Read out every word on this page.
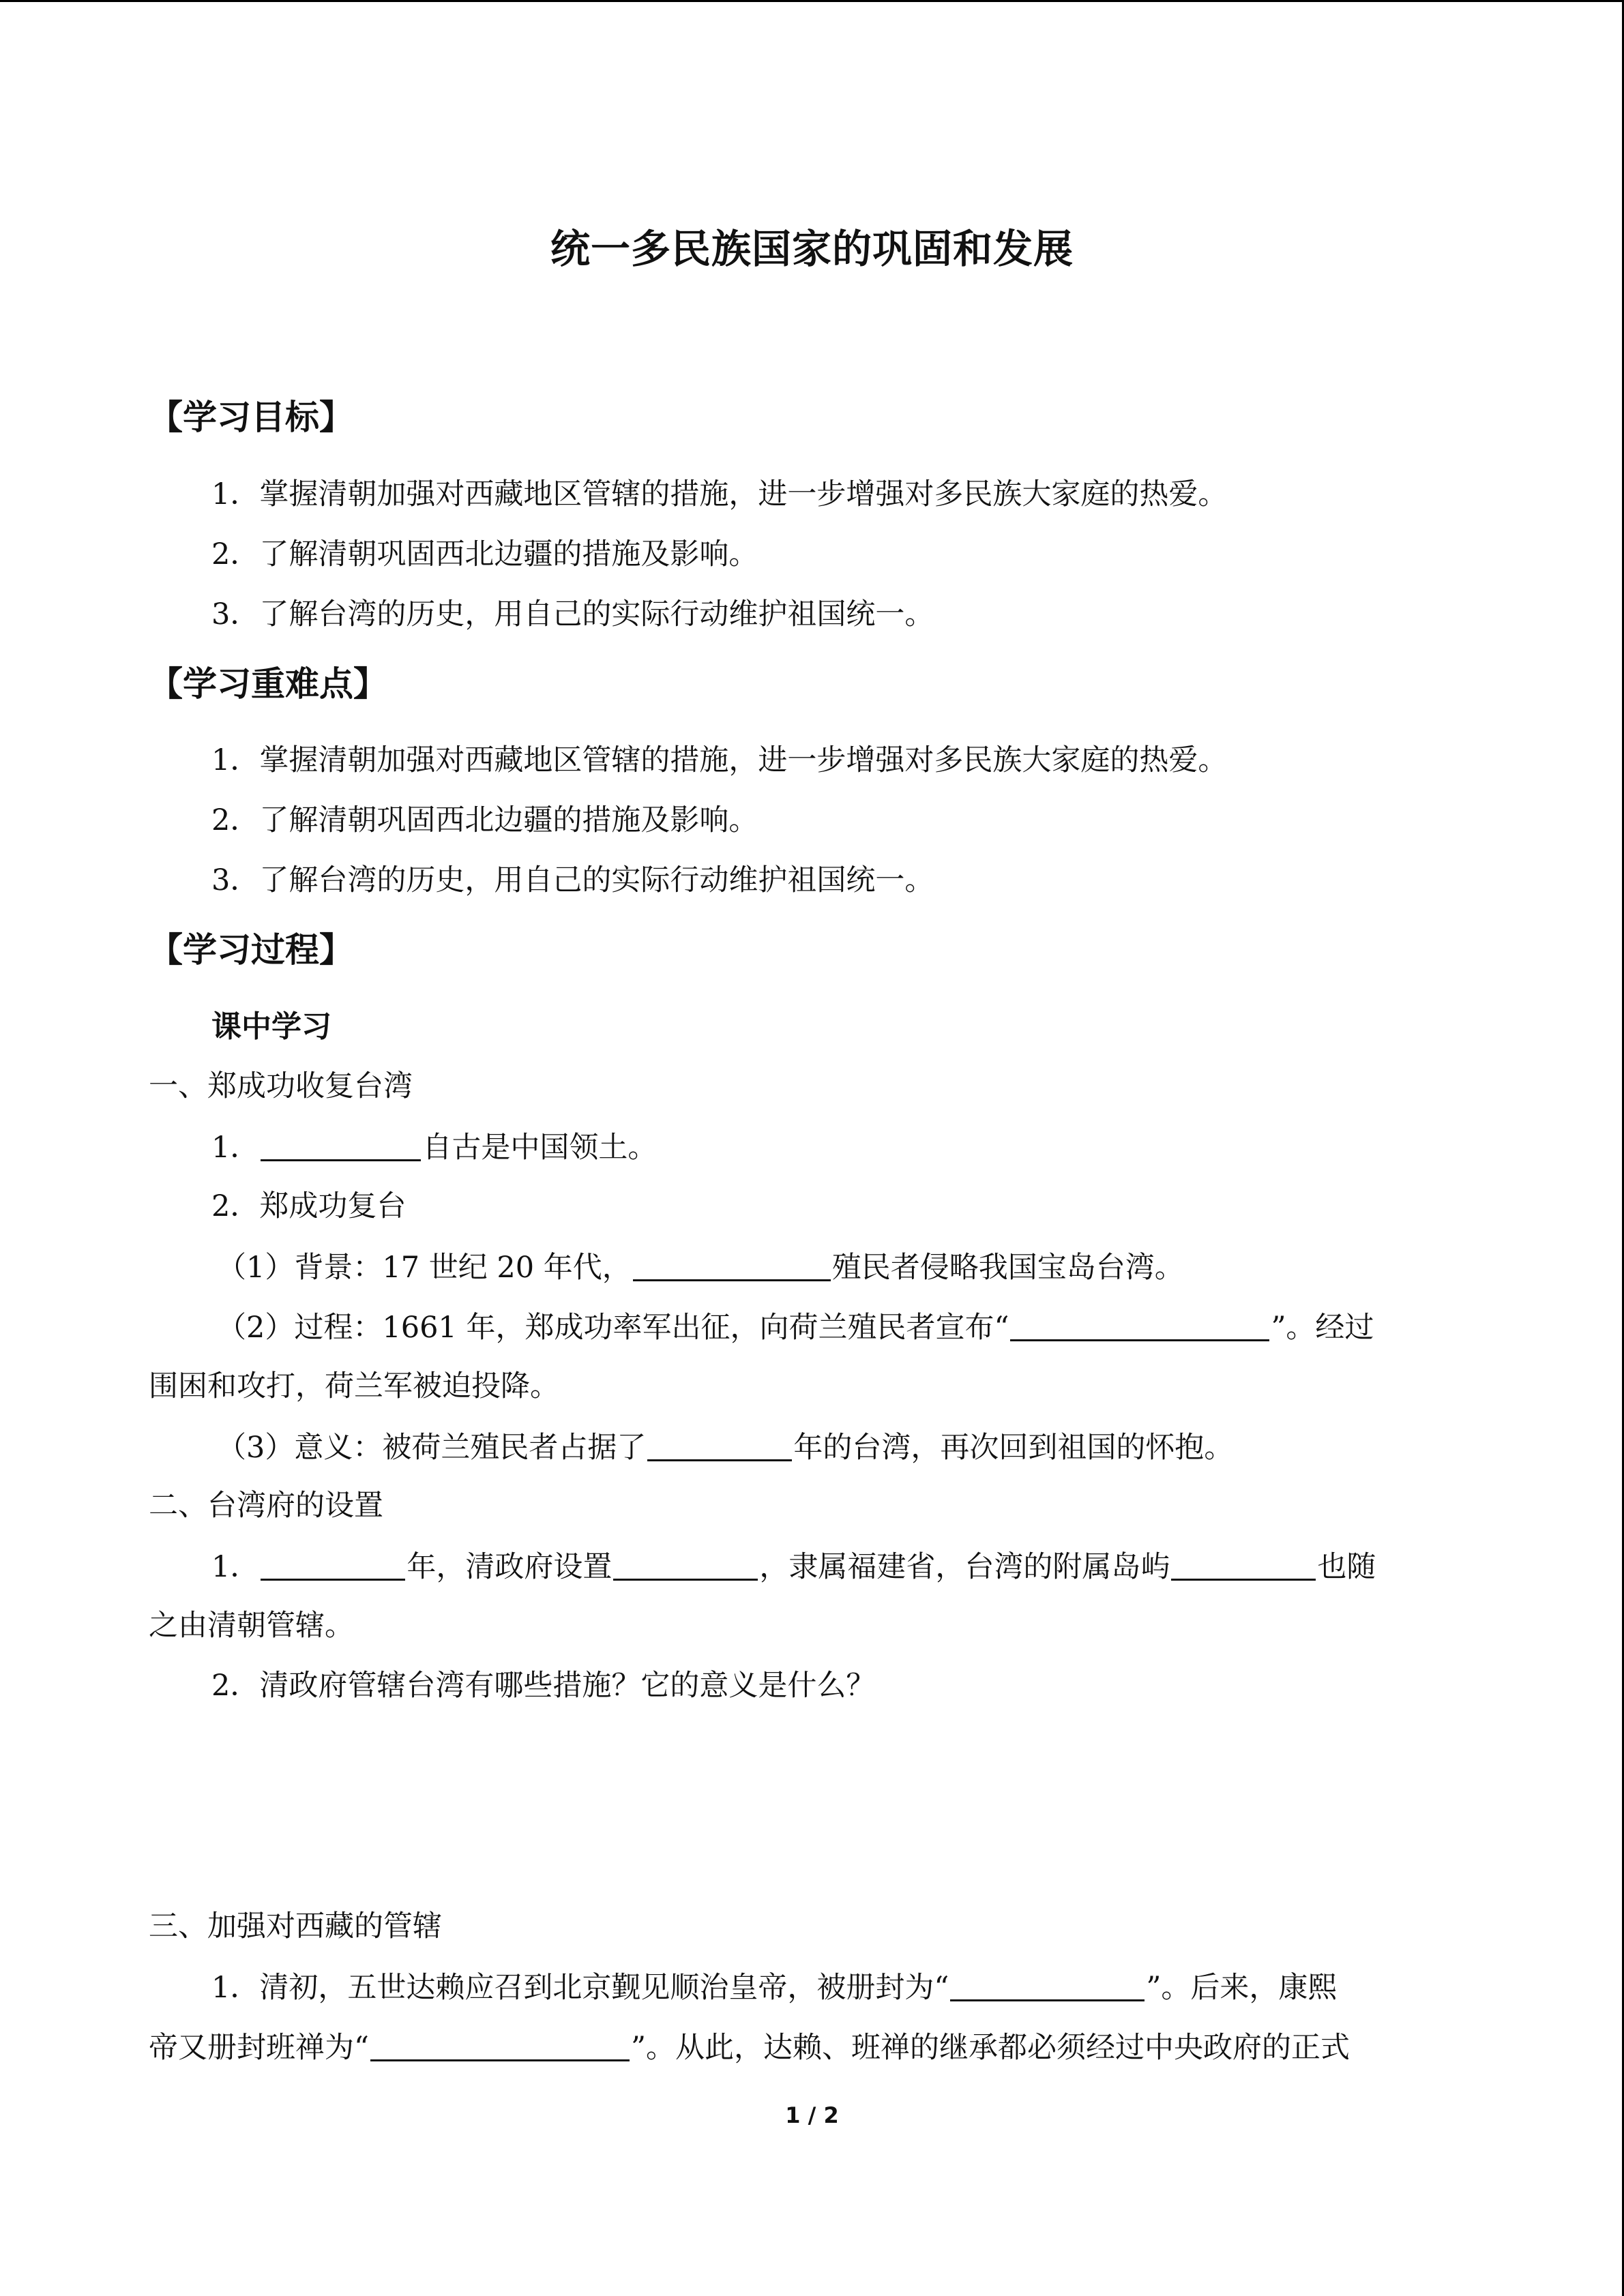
统一多民族国家的巩固和发展
【学习目标】
1．掌握清朝加强对西藏地区管辖的措施，进一步增强对多民族大家庭的热爱。
2．了解清朝巩固西北边疆的措施及影响。
3．了解台湾的历史，用自己的实际行动维护祖国统一。
【学习重难点】
1．掌握清朝加强对西藏地区管辖的措施，进一步增强对多民族大家庭的热爱。
2．了解清朝巩固西北边疆的措施及影响。
3．了解台湾的历史，用自己的实际行动维护祖国统一。
【学习过程】
课中学习
一、郑成功收复台湾
1．	自古是中国领土。
2．郑成功复台
（1）背景：17 世纪 20 年代，	殖民者侵略我国宝岛台湾。
（2）过程：1661 年，郑成功率军出征，向荷兰殖民者宣布“	”。经过
围困和攻打，荷兰军被迫投降。
（3）意义：被荷兰殖民者占据了	年的台湾，再次回到祖国的怀抱。
二、台湾府的设置
1．	年，清政府设置	，隶属福建省，台湾的附属岛屿	也随
之由清朝管辖。
2．清政府管辖台湾有哪些措施？它的意义是什么？
三、加强对西藏的管辖
1．清初，五世达赖应召到北京觐见顺治皇帝，被册封为“	”。后来，康熙
帝又册封班禅为“	”。从此，达赖、班禅的继承都必须经过中央政府的正式
1 / 2
